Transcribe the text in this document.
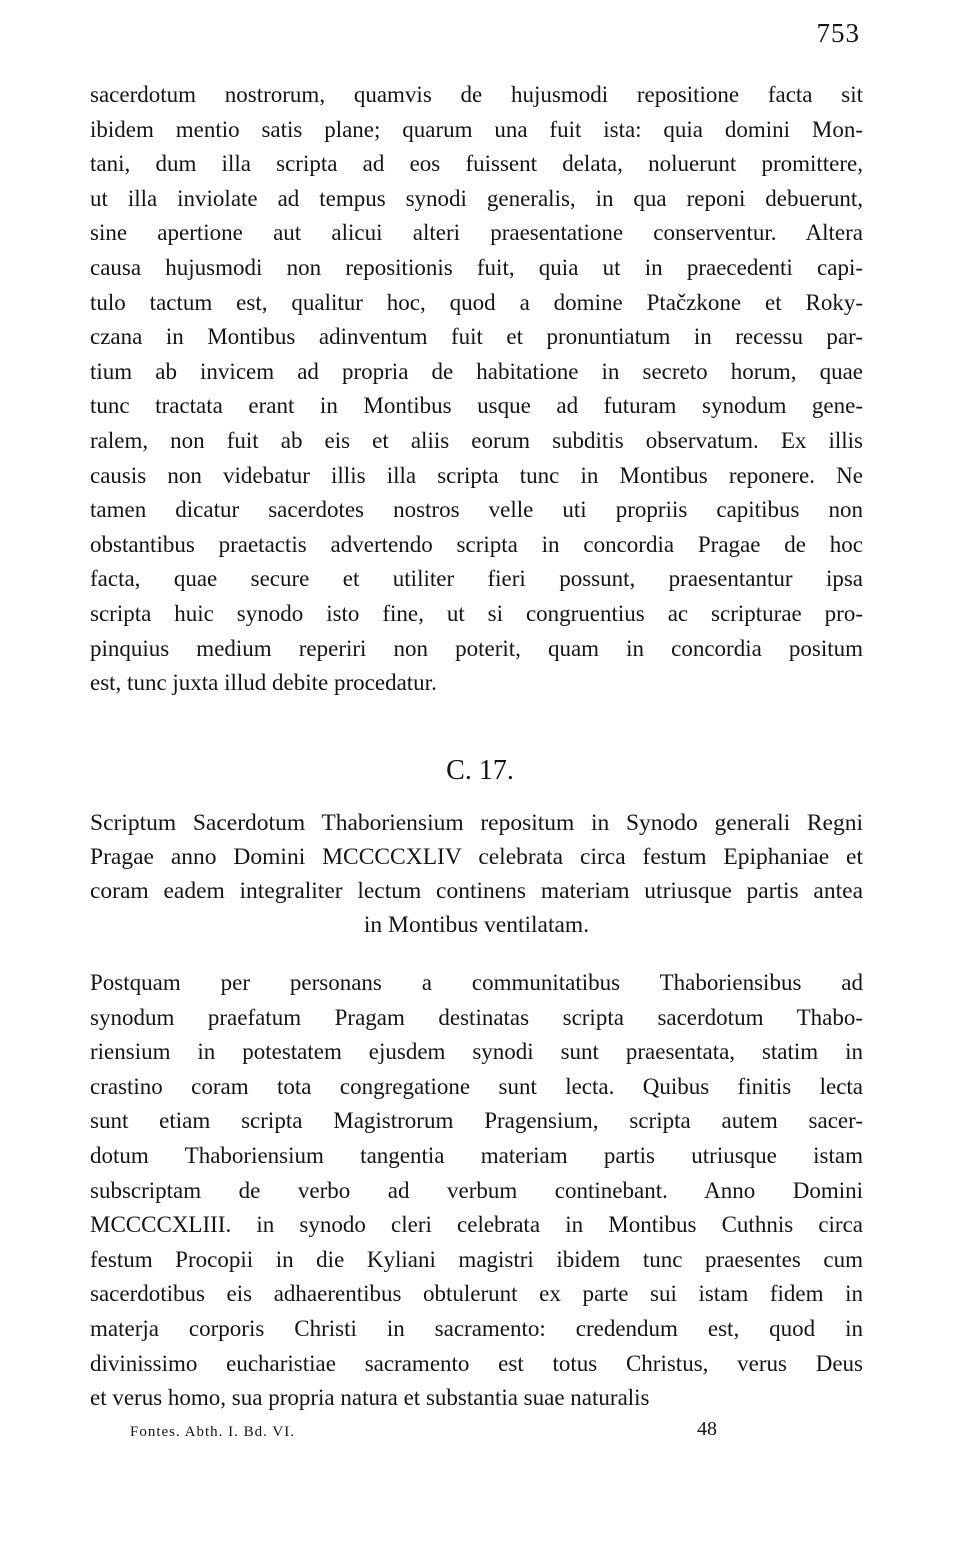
753
sacerdotum nostrorum, quamvis de hujusmodi repositione facta sit
ibidem mentio satis plane; quarum una fuit ista: quia domini Mon-
tani, dum illa scripta ad eos fuissent delata, noluerunt promittere,
ut illa inviolate ad tempus synodi generalis, in qua reponi debuerunt,
sine apertione aut alicui alteri praesentatione conserventur. Altera
causa hujusmodi non repositionis fuit, quia ut in praecedenti capi-
tulo tactum est, qualitur hoc, quod a domine Ptačzkone et Roky-
czana in Montibus adinventum fuit et pronuntiatum in recessu par-
tium ab invicem ad propria de habitatione in secreto horum, quae
tunc tractata erant in Montibus usque ad futuram synodum gene-
ralem, non fuit ab eis et aliis eorum subditis observatum. Ex illis
causis non videbatur illis illa scripta tunc in Montibus reponere. Ne
tamen dicatur sacerdotes nostros velle uti propriis capitibus non
obstantibus praetactis advertendo scripta in concordia Pragae de hoc
facta, quae secure et utiliter fieri possunt, praesentantur ipsa
scripta huic synodo isto fine, ut si congruentius ac scripturae pro-
pinquius medium reperiri non poterit, quam in concordia positum
est, tunc juxta illud debite procedatur.
C. 17.
Scriptum Sacerdotum Thaboriensium repositum in Synodo generali Regni
Pragae anno Domini MCCCCXLIV celebrata circa festum Epiphaniae et
coram eadem integraliter lectum continens materiam utriusque partis antea
in Montibus ventilatam.
Postquam per personans a communitatibus Thaboriensibus ad
synodum praefatum Pragam destinatas scripta sacerdotum Thabo-
riensium in potestatem ejusdem synodi sunt praesentata, statim in
crastino coram tota congregatione sunt lecta. Quibus finitis lecta
sunt etiam scripta Magistrorum Pragensium, scripta autem sacer-
dotum Thaboriensium tangentia materiam partis utriusque istam
subscriptam de verbo ad verbum continebant. Anno Domini
MCCCCXLIII. in synodo cleri celebrata in Montibus Cuthnis circa
festum Procopii in die Kyliani magistri ibidem tunc praesentes cum
sacerdotibus eis adhaerentibus obtulerunt ex parte sui istam fidem in
materja corporis Christi in sacramento: credendum est, quod in
divinissimo eucharistiae sacramento est totus Christus, verus Deus
et verus homo, sua propria natura et substantia suae naturalis
Fontes. Abth. I. Bd. VI.	48
